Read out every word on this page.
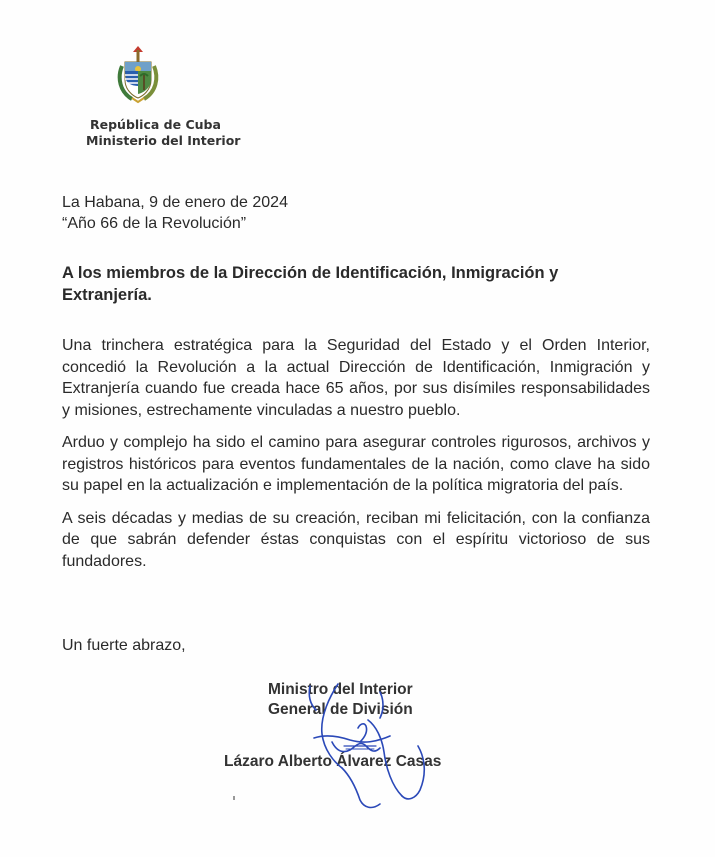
República de Cuba
Ministerio del Interior
La Habana, 9 de enero de 2024
“Año 66 de la Revolución”
A los miembros de la Dirección de Identificación, Inmigración y Extranjería.

Una trinchera estratégica para la Seguridad del Estado y el Orden Interior, concedió la Revolución a la actual Dirección de Identificación, Inmigración y Extranjería cuando fue creada hace 65 años, por sus disímiles responsabilidades y misiones, estrechamente vinculadas a nuestro pueblo.

Arduo y complejo ha sido el camino para asegurar controles rigurosos, archivos y registros históricos para eventos fundamentales de la nación, como clave ha sido su papel en la actualización e implementación de la política migratoria del país.

A seis décadas y medias de su creación, reciban mi felicitación, con la confianza de que sabrán defender éstas conquistas con el espíritu victorioso de sus fundadores.

Un fuerte abrazo,
Ministro del Interior
General de División
Lázaro Alberto Álvarez Casas
